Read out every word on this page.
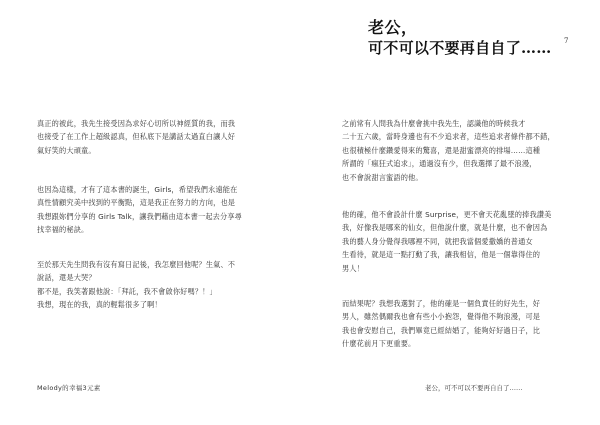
老公，
可不可以不要再自自了……	7
真正的被此，我先生接受因為求好心切所以神經質的我，而我
也接受了在工作上超級認真，但私底下是講話太過直白讓人好
氣好笑的大頑童。
也因為這樣，才有了這本書的誕生，Girls，希望我們永遠能在
真性情顧究美中找到的平衡點，這是我正在努力的方向，也是
我想跟妳們分享的 Girls Talk，讓我們藉由這本書一起去分享尋
找幸福的秘訣。
至於那天先生問我有沒有寫日記後，我怎麼回他呢？生氣、不
說話，還是大哭？
都不是，我笑著跟他說：「拜託，我不會啟你好嗎？！」
我想，現在的我，真的輕鬆很多了啊！
之前常有人問我為什麼會挑中我先生，認識他的時候我才
二十五六歲，當時身邊也有不少追求者，這些追求者條件都不錯，
也很積極什麼鑽愛得來的驚喜，還是甜蜜漂亮的排場……這種
所謂的「瘋狂式追求」，通過沒有少，但我選擇了最不浪漫，
也不會說甜言蜜語的他。
他的確，他不會設計什麼 Surprise，更不會天花亂墜的捧我讚美
我，好像我是哪來的仙女，但他說什麼，就是什麼，也不會因為
我的藝人身分覺得我哪裡不同，就把我當個愛撒嬌的普通女
生看待，就是這一點打動了我，讓我相信，他是一個靠得住的
男人！
而結果呢？我想我選對了，他的確是一個負責任的好先生，好
男人，雖然偶爾我也會有些小小抱怨，覺得他不夠浪漫，可是
我也會安慰自己，我們畢竟已經結婚了，能夠好好過日子，比
什麼花前月下更重要。
Melody的幸福3元素	老公，可不可以不要再自自了……
